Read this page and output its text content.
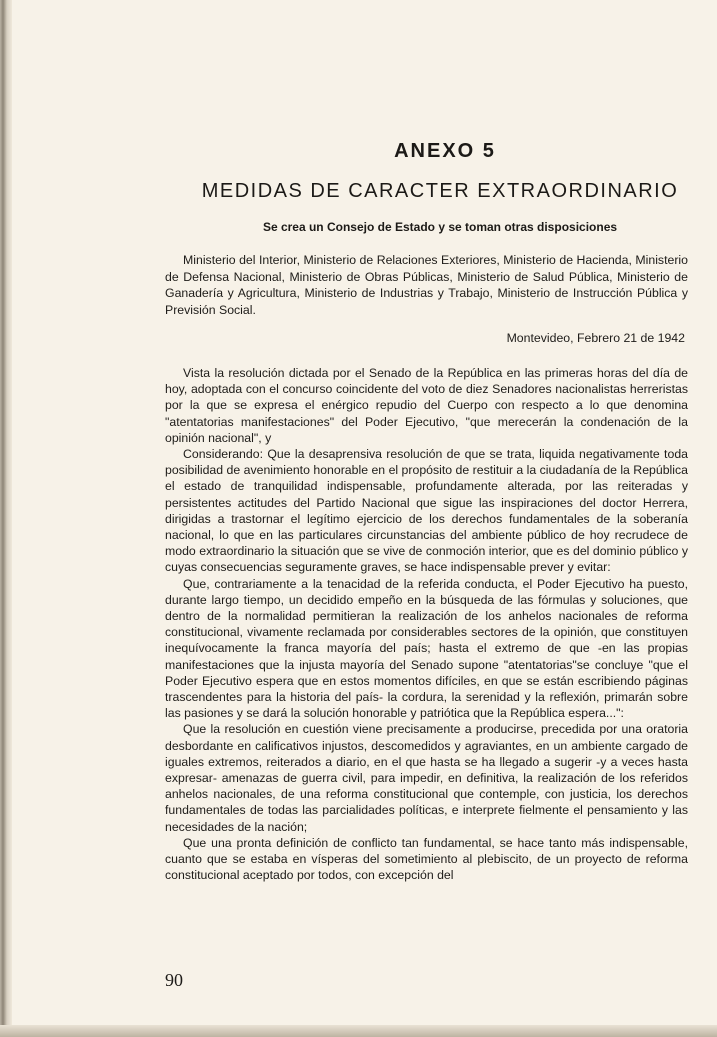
ANEXO 5
MEDIDAS DE CARACTER EXTRAORDINARIO
Se crea un Consejo de Estado y se toman otras disposiciones

Ministerio del Interior, Ministerio de Relaciones Exteriores, Ministerio de Hacienda, Ministerio de Defensa Nacional, Ministerio de Obras Públicas, Ministerio de Salud Pública, Ministerio de Ganadería y Agricultura, Ministerio de Industrias y Trabajo, Ministerio de Instrucción Pública y Previsión Social.

Montevideo, Febrero 21 de 1942

Vista la resolución dictada por el Senado de la República en las primeras horas del día de hoy, adoptada con el concurso coincidente del voto de diez Senadores nacionalistas herreristas por la que se expresa el enérgico repudio del Cuerpo con respecto a lo que denomina "atentatorias manifestaciones" del Poder Ejecutivo, "que merecerán la condenación de la opinión nacional", y

Considerando: Que la desaprensiva resolución de que se trata, liquida negativamente toda posibilidad de avenimiento honorable en el propósito de restituir a la ciudadanía de la República el estado de tranquilidad indispensable, profundamente alterada, por las reiteradas y persistentes actitudes del Partido Nacional que sigue las inspiraciones del doctor Herrera, dirigidas a trastornar el legítimo ejercicio de los derechos fundamentales de la soberanía nacional, lo que en las particulares circunstancias del ambiente público de hoy recrudece de modo extraordinario la situación que se vive de conmoción interior, que es del dominio público y cuyas consecuencias seguramente graves, se hace indispensable prever y evitar:

Que, contrariamente a la tenacidad de la referida conducta, el Poder Ejecutivo ha puesto, durante largo tiempo, un decidido empeño en la búsqueda de las fórmulas y soluciones, que dentro de la normalidad permitieran la realización de los anhelos nacionales de reforma constitucional, vivamente reclamada por considerables sectores de la opinión, que constituyen inequívocamente la franca mayoría del país; hasta el extremo de que -en las propias manifestaciones que la injusta mayoría del Senado supone "atentatorias"se concluye "que el Poder Ejecutivo espera que en estos momentos difíciles, en que se están escribiendo páginas trascendentes para la historia del país- la cordura, la serenidad y la reflexión, primarán sobre las pasiones y se dará la solución honorable y patriótica que la República espera...":

Que la resolución en cuestión viene precisamente a producirse, precedida por una oratoria desbordante en calificativos injustos, descomedidos y agraviantes, en un ambiente cargado de iguales extremos, reiterados a diario, en el que hasta se ha llegado a sugerir -y a veces hasta expresar- amenazas de guerra civil, para impedir, en definitiva, la realización de los referidos anhelos nacionales, de una reforma constitucional que contemple, con justicia, los derechos fundamentales de todas las parcialidades políticas, e interprete fielmente el pensamiento y las necesidades de la nación;

Que una pronta definición de conflicto tan fundamental, se hace tanto más indispensable, cuanto que se estaba en vísperas del sometimiento al plebiscito, de un proyecto de reforma constitucional aceptado por todos, con excepción del

90
